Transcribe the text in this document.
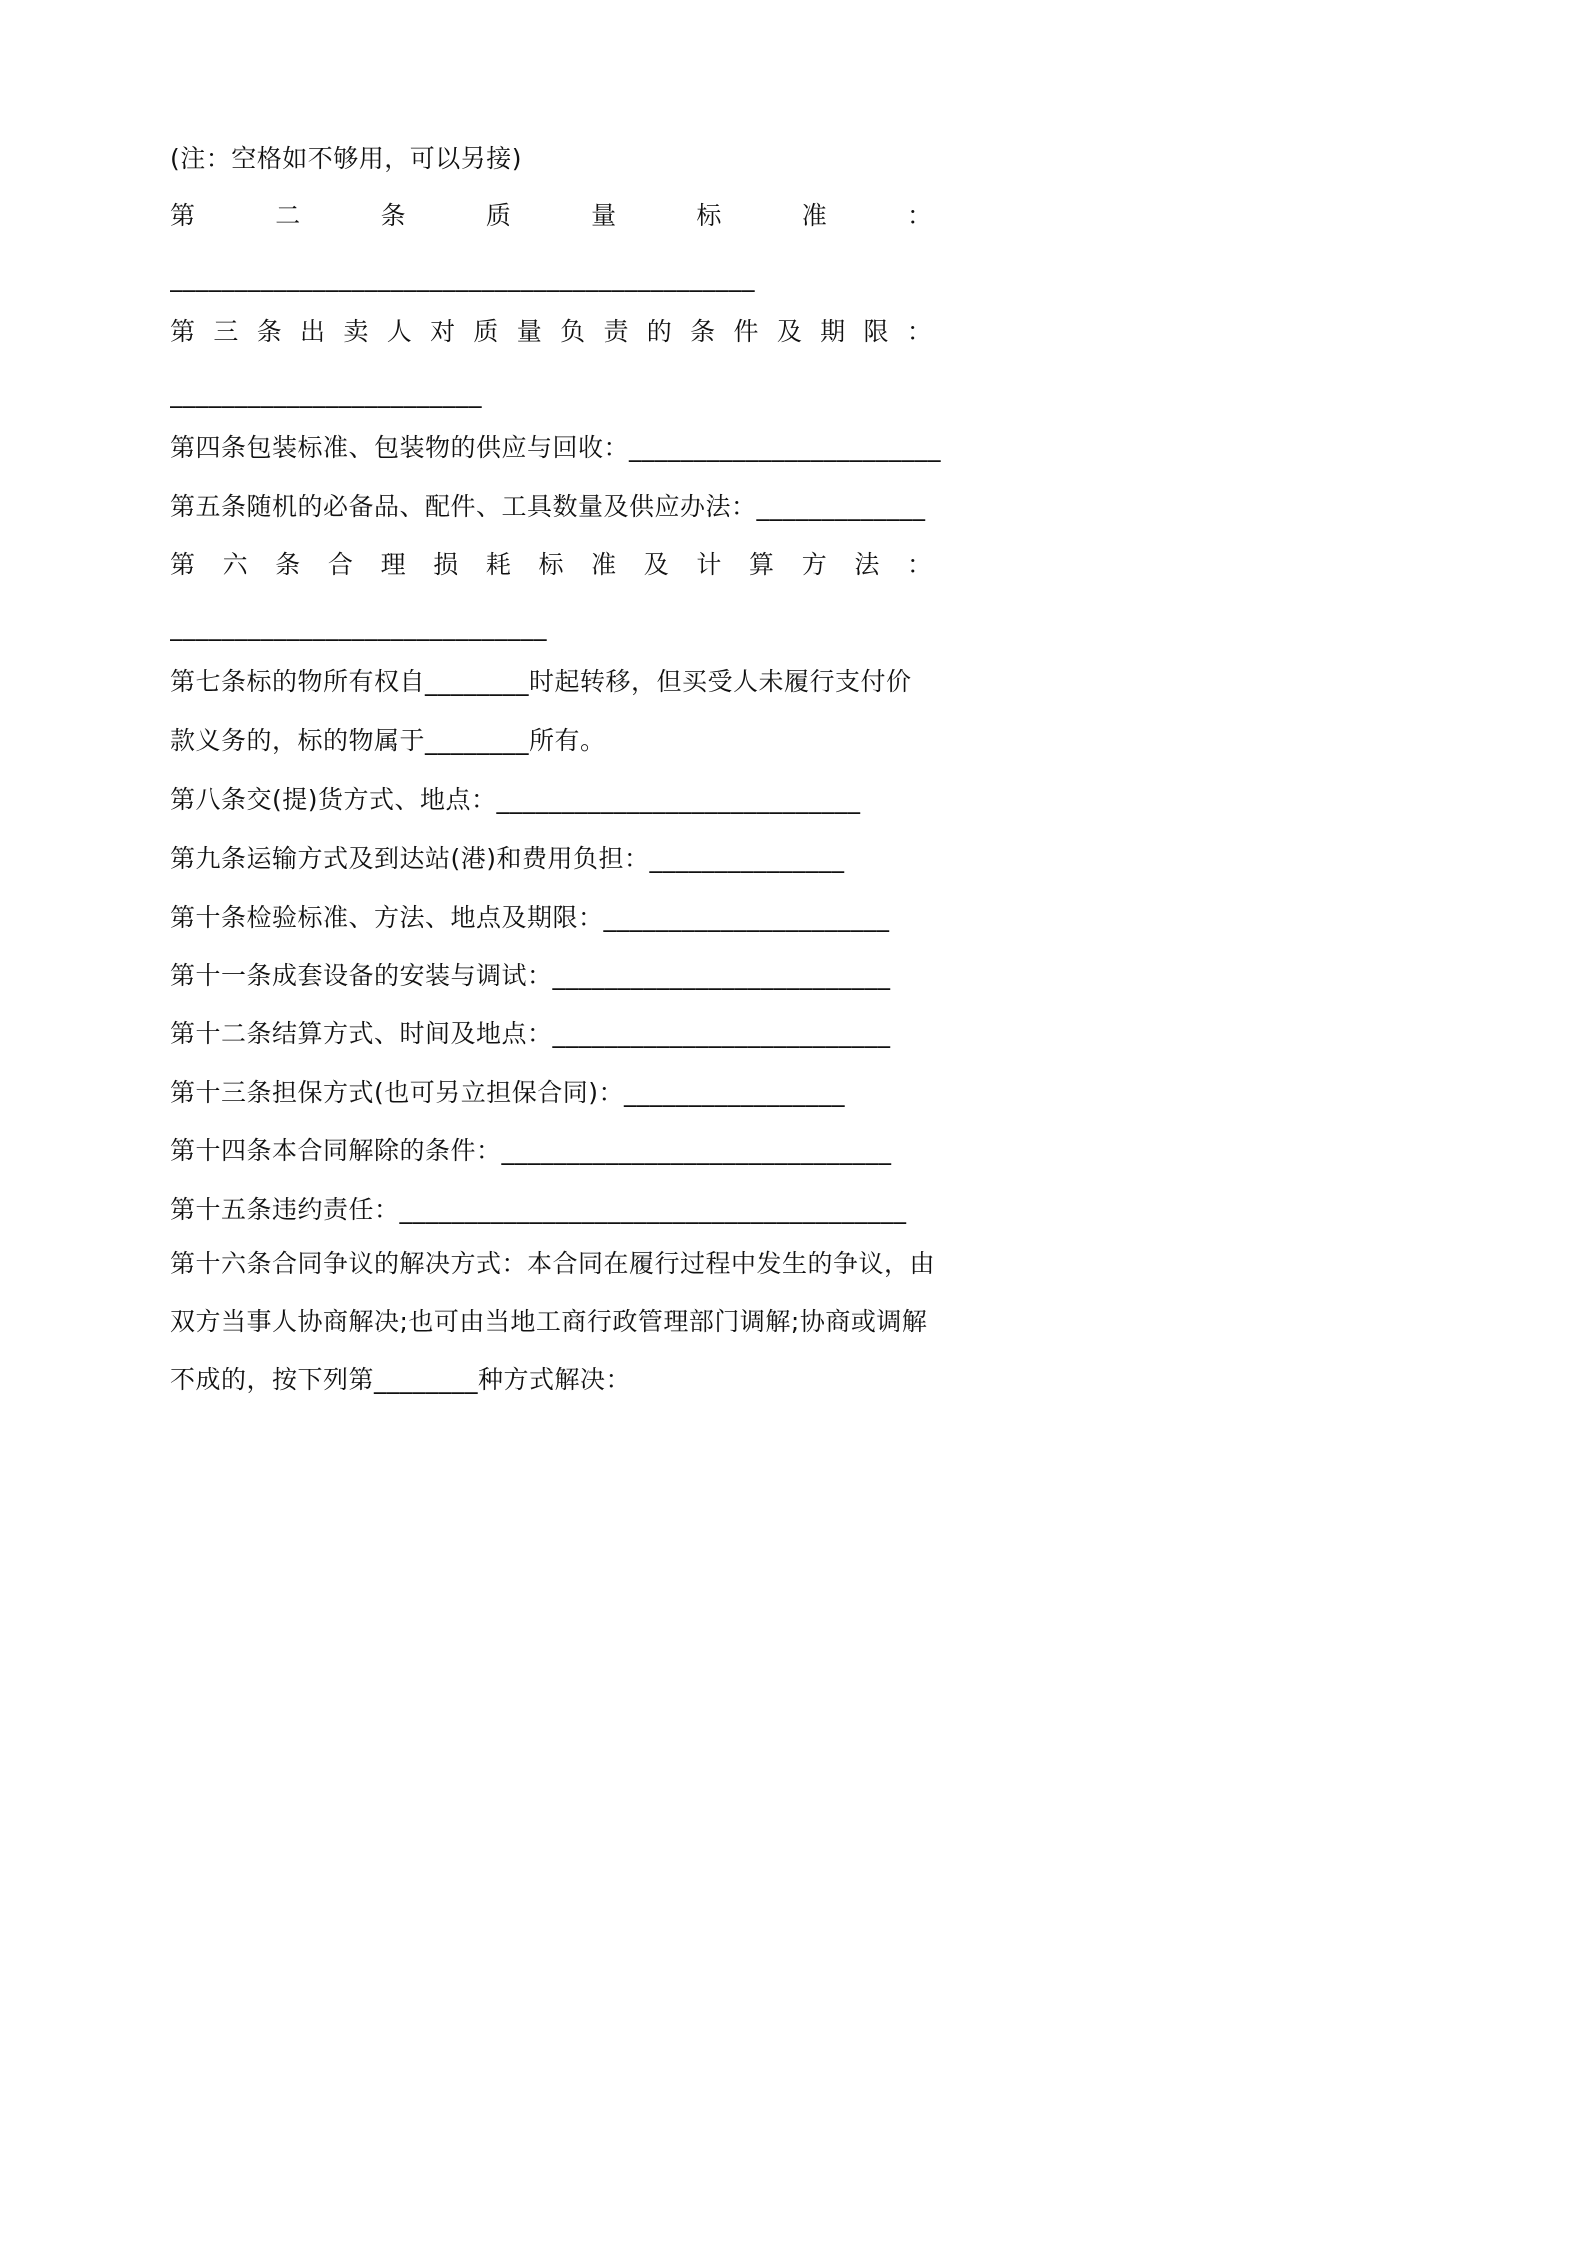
(注：空格如不够用，可以另接)
第	二	条	质	量	标	准	：
_____________________________________________
第 三 条 出 卖 人 对 质 量 负 责 的 条 件 及 期 限 ：
________________________
第四条包装标准、包装物的供应与回收：________________________
第五条随机的必备品、配件、工具数量及供应办法：_____________
第 六 条 合 理 损 耗 标 准 及 计 算 方 法 ：
_____________________________
第七条标的物所有权自________时起转移，但买受人未履行支付价
款义务的，标的物属于________所有。
第八条交(提)货方式、地点：____________________________
第九条运输方式及到达站(港)和费用负担：_______________
第十条检验标准、方法、地点及期限：______________________
第十一条成套设备的安装与调试：__________________________
第十二条结算方式、时间及地点：__________________________
第十三条担保方式(也可另立担保合同)：_________________
第十四条本合同解除的条件：______________________________
第十五条违约责任：_______________________________________
第十六条合同争议的解决方式：本合同在履行过程中发生的争议，由
双方当事人协商解决;也可由当地工商行政管理部门调解;协商或调解
不成的，按下列第________种方式解决：
